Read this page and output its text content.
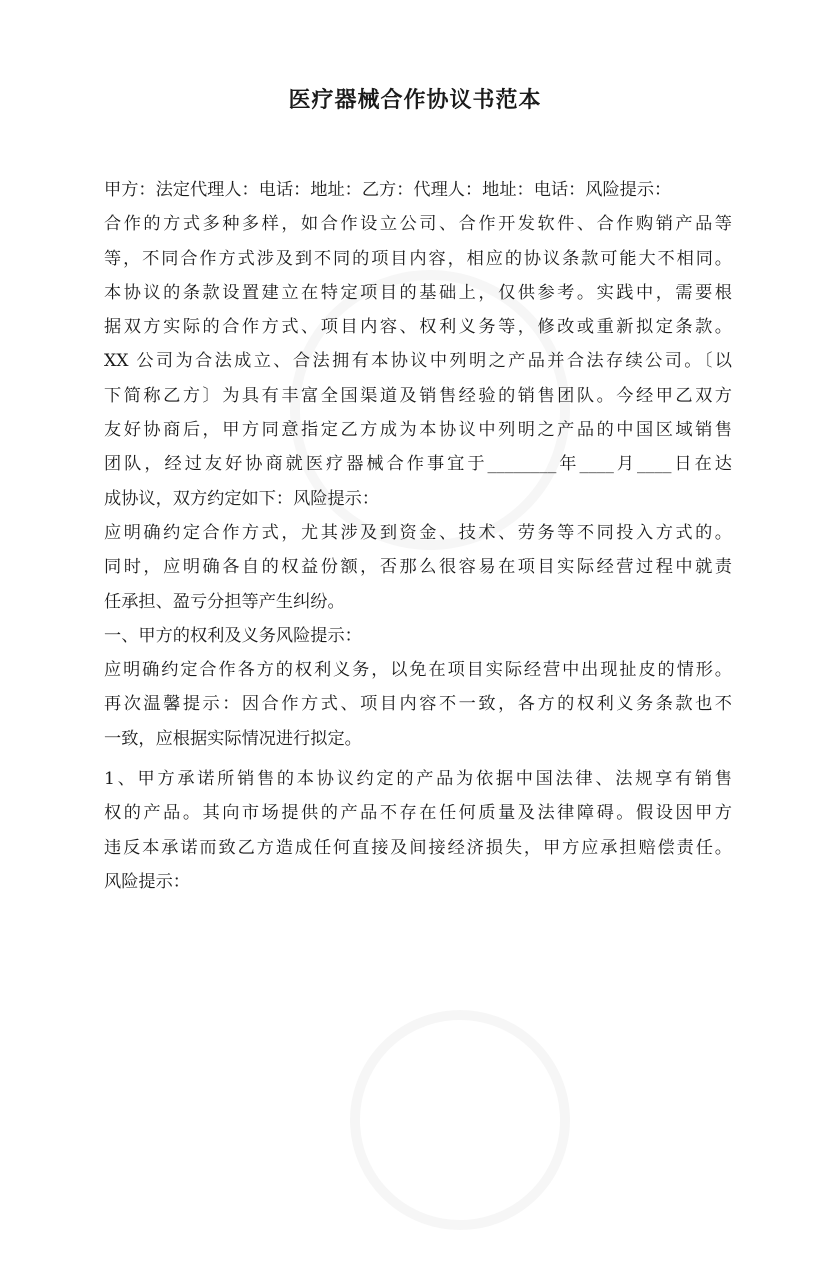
医疗器械合作协议书范本
甲方：法定代理人：电话：地址：乙方：代理人：地址：电话：风险提示：
合作的方式多种多样，如合作设立公司、合作开发软件、合作购销产品等
等，不同合作方式涉及到不同的项目内容，相应的协议条款可能大不相同。
本协议的条款设置建立在特定项目的基础上，仅供参考。实践中，需要根
据双方实际的合作方式、项目内容、权利义务等，修改或重新拟定条款。
XX 公司为合法成立、合法拥有本协议中列明之产品并合法存续公司。〔以
下简称乙方〕为具有丰富全国渠道及销售经验的销售团队。今经甲乙双方
友好协商后，甲方同意指定乙方成为本协议中列明之产品的中国区域销售
团队，经过友好协商就医疗器械合作事宜于________年____月____日在达
成协议，双方约定如下：风险提示：
应明确约定合作方式，尤其涉及到资金、技术、劳务等不同投入方式的。
同时，应明确各自的权益份额，否那么很容易在项目实际经营过程中就责
任承担、盈亏分担等产生纠纷。
一、甲方的权利及义务风险提示：
应明确约定合作各方的权利义务，以免在项目实际经营中出现扯皮的情形。
再次温馨提示：因合作方式、项目内容不一致，各方的权利义务条款也不
一致，应根据实际情况进行拟定。
1、甲方承诺所销售的本协议约定的产品为依据中国法律、法规享有销售
权的产品。其向市场提供的产品不存在任何质量及法律障碍。假设因甲方
违反本承诺而致乙方造成任何直接及间接经济损失，甲方应承担赔偿责任。
风险提示：
